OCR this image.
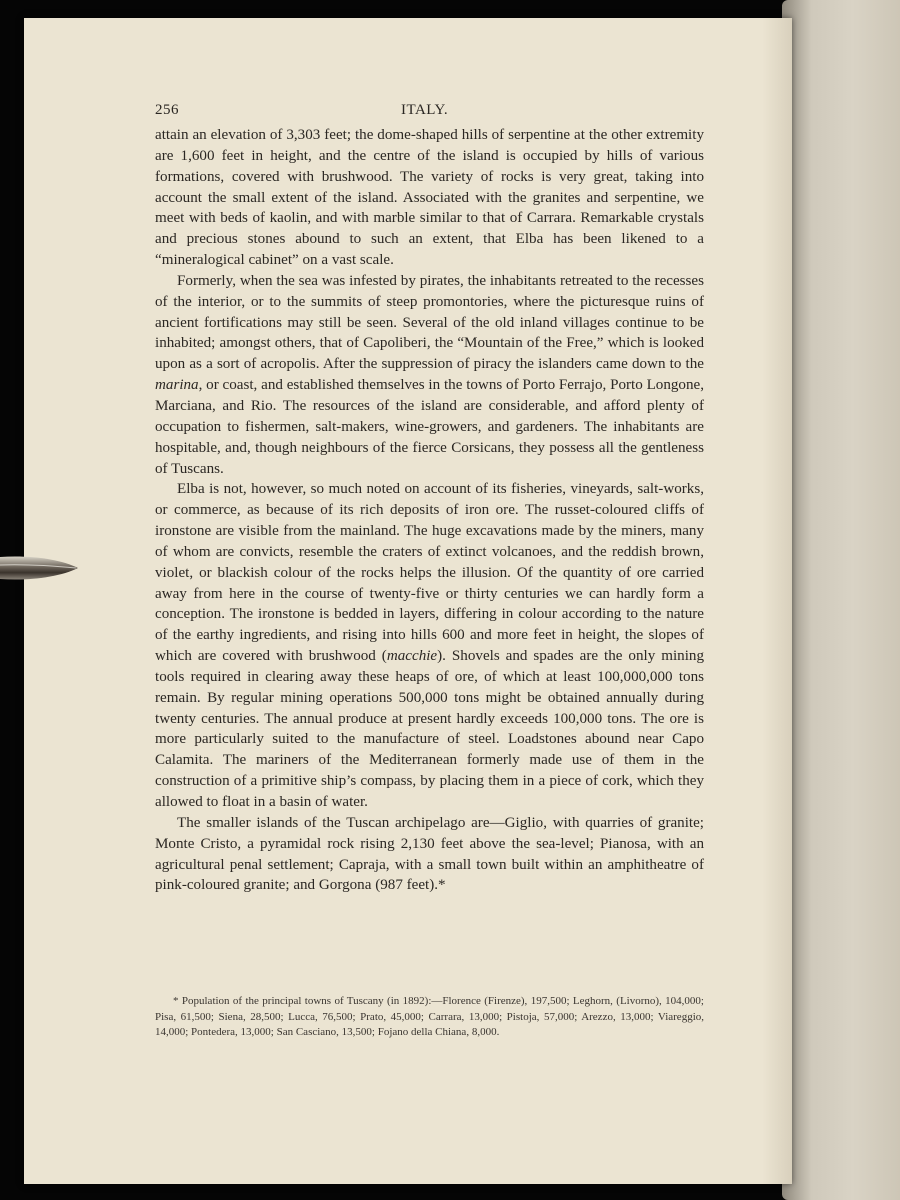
256	ITALY.

attain an elevation of 3,303 feet; the dome-shaped hills of serpentine at the other extremity are 1,600 feet in height, and the centre of the island is occupied by hills of various formations, covered with brushwood. The variety of rocks is very great, taking into account the small extent of the island. Associated with the granites and serpentine, we meet with beds of kaolin, and with marble similar to that of Carrara. Remarkable crystals and precious stones abound to such an extent, that Elba has been likened to a “mineralogical cabinet” on a vast scale.

Formerly, when the sea was infested by pirates, the inhabitants retreated to the recesses of the interior, or to the summits of steep promontories, where the picturesque ruins of ancient fortifications may still be seen. Several of the old inland villages continue to be inhabited; amongst others, that of Capoliberi, the “Mountain of the Free,” which is looked upon as a sort of acropolis. After the suppression of piracy the islanders came down to the marina, or coast, and established themselves in the towns of Porto Ferrajo, Porto Longone, Marciana, and Rio. The resources of the island are considerable, and afford plenty of occupation to fishermen, salt-makers, wine-growers, and gardeners. The inhabitants are hospitable, and, though neighbours of the fierce Corsicans, they possess all the gentleness of Tuscans.

Elba is not, however, so much noted on account of its fisheries, vineyards, salt-works, or commerce, as because of its rich deposits of iron ore. The russet-coloured cliffs of ironstone are visible from the mainland. The huge excavations made by the miners, many of whom are convicts, resemble the craters of extinct volcanoes, and the reddish brown, violet, or blackish colour of the rocks helps the illusion. Of the quantity of ore carried away from here in the course of twenty-five or thirty centuries we can hardly form a conception. The ironstone is bedded in layers, differing in colour according to the nature of the earthy ingredients, and rising into hills 600 and more feet in height, the slopes of which are covered with brushwood (macchie). Shovels and spades are the only mining tools required in clearing away these heaps of ore, of which at least 100,000,000 tons remain. By regular mining operations 500,000 tons might be obtained annually during twenty centuries. The annual produce at present hardly exceeds 100,000 tons. The ore is more particularly suited to the manufacture of steel. Loadstones abound near Capo Calamita. The mariners of the Mediterranean formerly made use of them in the construction of a primitive ship’s compass, by placing them in a piece of cork, which they allowed to float in a basin of water.

The smaller islands of the Tuscan archipelago are—Giglio, with quarries of granite; Monte Cristo, a pyramidal rock rising 2,130 feet above the sea-level; Pianosa, with an agricultural penal settlement; Capraja, with a small town built within an amphitheatre of pink-coloured granite; and Gorgona (987 feet).*

* Population of the principal towns of Tuscany (in 1892):—Florence (Firenze), 197,500; Leghorn, (Livorno), 104,000; Pisa, 61,500; Siena, 28,500; Lucca, 76,500; Prato, 45,000; Carrara, 13,000; Pistoja, 57,000; Arezzo, 13,000; Viareggio, 14,000; Pontedera, 13,000; San Casciano, 13,500; Fojano della Chiana, 8,000.
